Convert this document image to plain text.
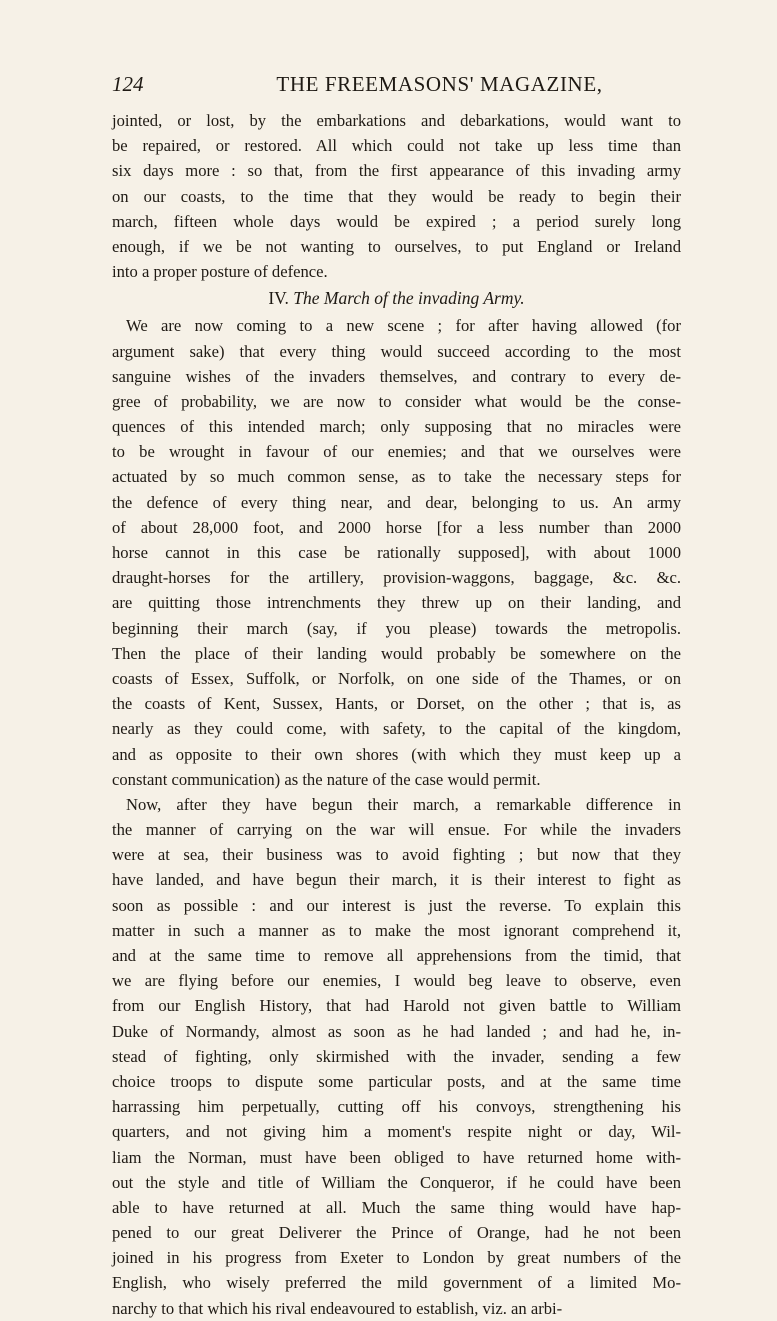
124	THE FREEMASONS' MAGAZINE,
jointed, or lost, by the embarkations and debarkations, would want to
be repaired, or restored. All which could not take up less time than
six days more : so that, from the first appearance of this invading army
on our coasts, to the time that they would be ready to begin their
march, fifteen whole days would be expired ; a period surely long
enough, if we be not wanting to ourselves, to put England or Ireland
into a proper posture of defence.
IV. The March of the invading Army.
We are now coming to a new scene ; for after having allowed (for
argument sake) that every thing would succeed according to the most
sanguine wishes of the invaders themselves, and contrary to every de-
gree of probability, we are now to consider what would be the conse-
quences of this intended march; only supposing that no miracles were
to be wrought in favour of our enemies; and that we ourselves were
actuated by so much common sense, as to take the necessary steps for
the defence of every thing near, and dear, belonging to us. An army
of about 28,000 foot, and 2000 horse [for a less number than 2000
horse cannot in this case be rationally supposed], with about 1000
draught-horses for the artillery, provision-waggons, baggage, &c. &c.
are quitting those intrenchments they threw up on their landing, and
beginning their march (say, if you please) towards the metropolis.
Then the place of their landing would probably be somewhere on the
coasts of Essex, Suffolk, or Norfolk, on one side of the Thames, or on
the coasts of Kent, Sussex, Hants, or Dorset, on the other ; that is, as
nearly as they could come, with safety, to the capital of the kingdom,
and as opposite to their own shores (with which they must keep up a
constant communication) as the nature of the case would permit.
Now, after they have begun their march, a remarkable difference in
the manner of carrying on the war will ensue. For while the invaders
were at sea, their business was to avoid fighting ; but now that they
have landed, and have begun their march, it is their interest to fight as
soon as possible : and our interest is just the reverse. To explain this
matter in such a manner as to make the most ignorant comprehend it,
and at the same time to remove all apprehensions from the timid, that
we are flying before our enemies, I would beg leave to observe, even
from our English History, that had Harold not given battle to William
Duke of Normandy, almost as soon as he had landed ; and had he, in-
stead of fighting, only skirmished with the invader, sending a few
choice troops to dispute some particular posts, and at the same time
harrassing him perpetually, cutting off his convoys, strengthening his
quarters, and not giving him a moment's respite night or day, Wil-
liam the Norman, must have been obliged to have returned home with-
out the style and title of William the Conqueror, if he could have been
able to have returned at all. Much the same thing would have hap-
pened to our great Deliverer the Prince of Orange, had he not been
joined in his progress from Exeter to London by great numbers of the
English, who wisely preferred the mild government of a limited Mo-
narchy to that which his rival endeavoured to establish, viz. an arbi-
